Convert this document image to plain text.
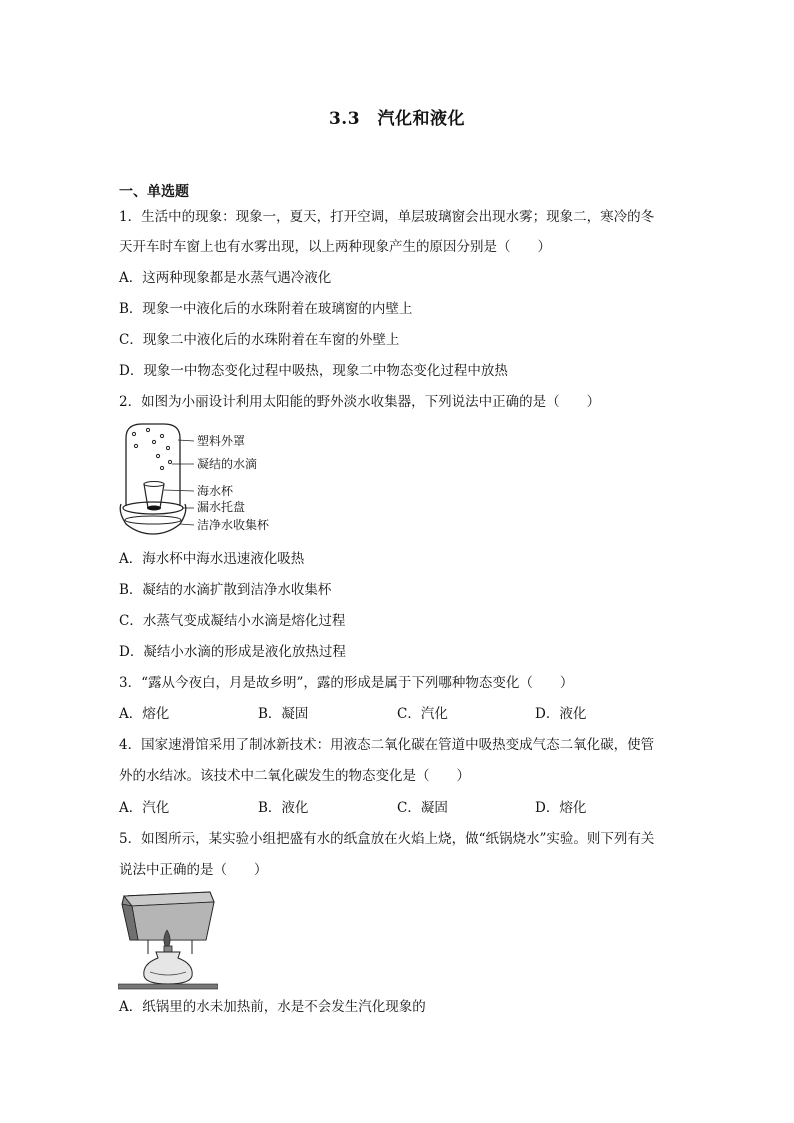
3.3　汽化和液化
一、单选题
1．生活中的现象：现象一，夏天，打开空调，单层玻璃窗会出现水雾；现象二，寒冷的冬
天开车时车窗上也有水雾出现，以上两种现象产生的原因分别是（　　）
A．这两种现象都是水蒸气遇冷液化
B．现象一中液化后的水珠附着在玻璃窗的内壁上
C．现象二中液化后的水珠附着在车窗的外壁上
D．现象一中物态变化过程中吸热，现象二中物态变化过程中放热
2．如图为小丽设计利用太阳能的野外淡水收集器，下列说法中正确的是（　　）
塑料外罩
凝结的水滴
海水杯
漏水托盘
洁净水收集杯
A．海水杯中海水迅速液化吸热
B．凝结的水滴扩散到洁净水收集杯
C．水蒸气变成凝结小水滴是熔化过程
D．凝结小水滴的形成是液化放热过程
3．“露从今夜白，月是故乡明”，露的形成是属于下列哪种物态变化（　　）
A．熔化	B．凝固	C．汽化	D．液化
4．国家速滑馆采用了制冰新技术：用液态二氧化碳在管道中吸热变成气态二氧化碳，使管
外的水结冰。该技术中二氧化碳发生的物态变化是（　　）
A．汽化	B．液化	C．凝固	D．熔化
5．如图所示，某实验小组把盛有水的纸盒放在火焰上烧，做“纸锅烧水”实验。则下列有关
说法中正确的是（　　）
A．纸锅里的水未加热前，水是不会发生汽化现象的
